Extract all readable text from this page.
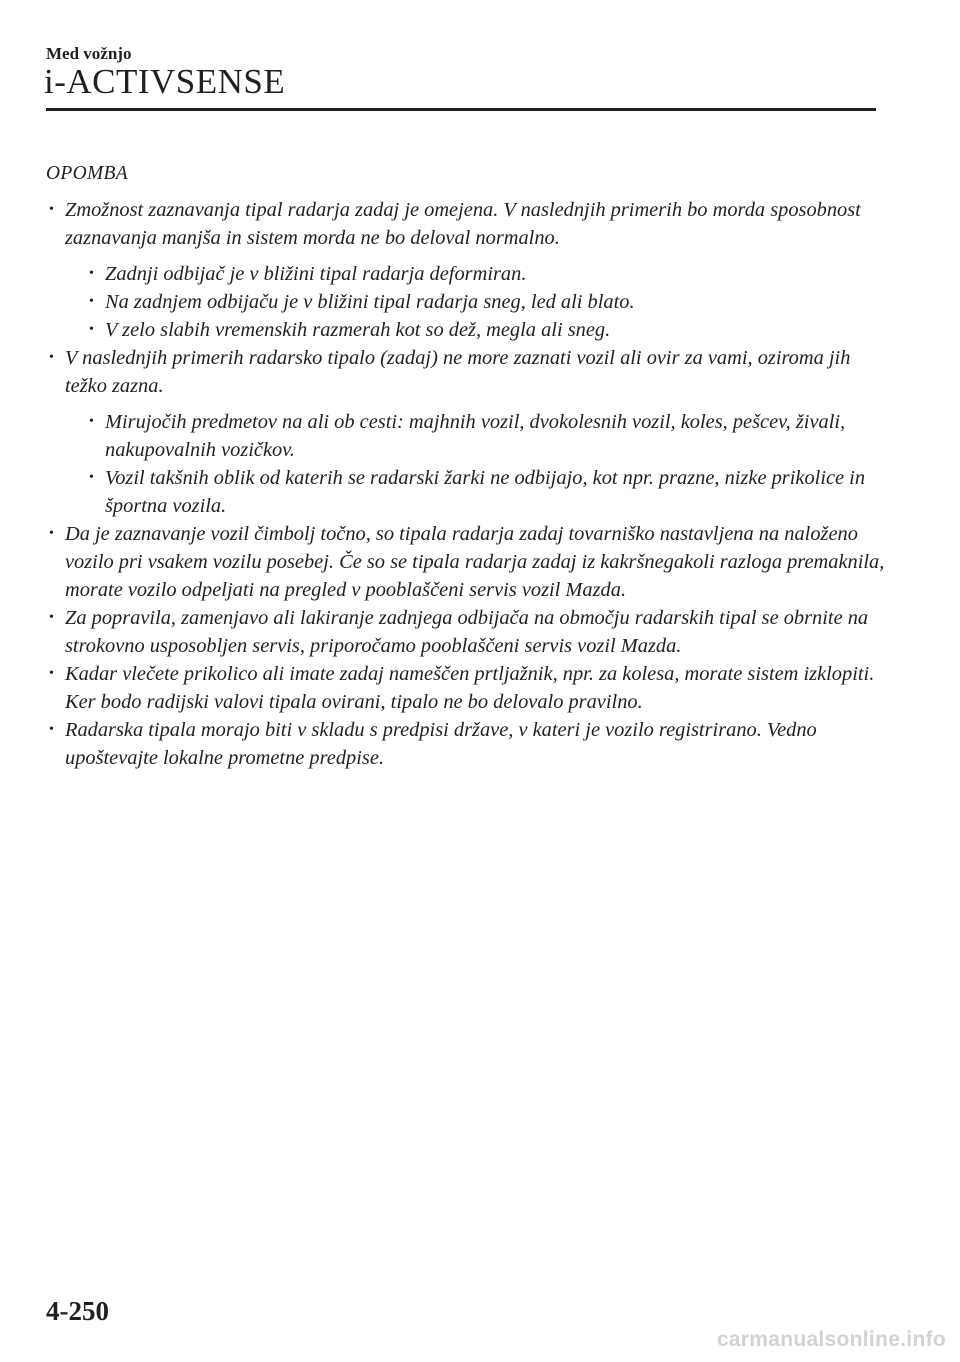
Med vožnjo
i-ACTIVSENSE
OPOMBA
• Zmožnost zaznavanja tipal radarja zadaj je omejena. V naslednjih primerih bo morda sposobnost zaznavanja manjša in sistem morda ne bo deloval normalno.
• Zadnji odbijač je v bližini tipal radarja deformiran.
• Na zadnjem odbijaču je v bližini tipal radarja sneg, led ali blato.
• V zelo slabih vremenskih razmerah kot so dež, megla ali sneg.
• V naslednjih primerih radarsko tipalo (zadaj) ne more zaznati vozil ali ovir za vami, oziroma jih težko zazna.
• Mirujočih predmetov na ali ob cesti: majhnih vozil, dvokolesnih vozil, koles, pešcev, živali, nakupovalnih vozičkov.
• Vozil takšnih oblik od katerih se radarski žarki ne odbijajo, kot npr. prazne, nizke prikolice in športna vozila.
• Da je zaznavanje vozil čimbolj točno, so tipala radarja zadaj tovarniško nastavljena na naloženo vozilo pri vsakem vozilu posebej. Če so se tipala radarja zadaj iz kakršnegakoli razloga premaknila, morate vozilo odpeljati na pregled v pooblaščeni servis vozil Mazda.
• Za popravila, zamenjavo ali lakiranje zadnjega odbijača na območju radarskih tipal se obrnite na strokovno usposobljen servis, priporočamo pooblaščeni servis vozil Mazda.
• Kadar vlečete prikolico ali imate zadaj nameščen prtljažnik, npr. za kolesa, morate sistem izklopiti. Ker bodo radijski valovi tipala ovirani, tipalo ne bo delovalo pravilno.
• Radarska tipala morajo biti v skladu s predpisi države, v kateri je vozilo registrirano. Vedno upoštevajte lokalne prometne predpise.
4-250
carmanualsonline.info
